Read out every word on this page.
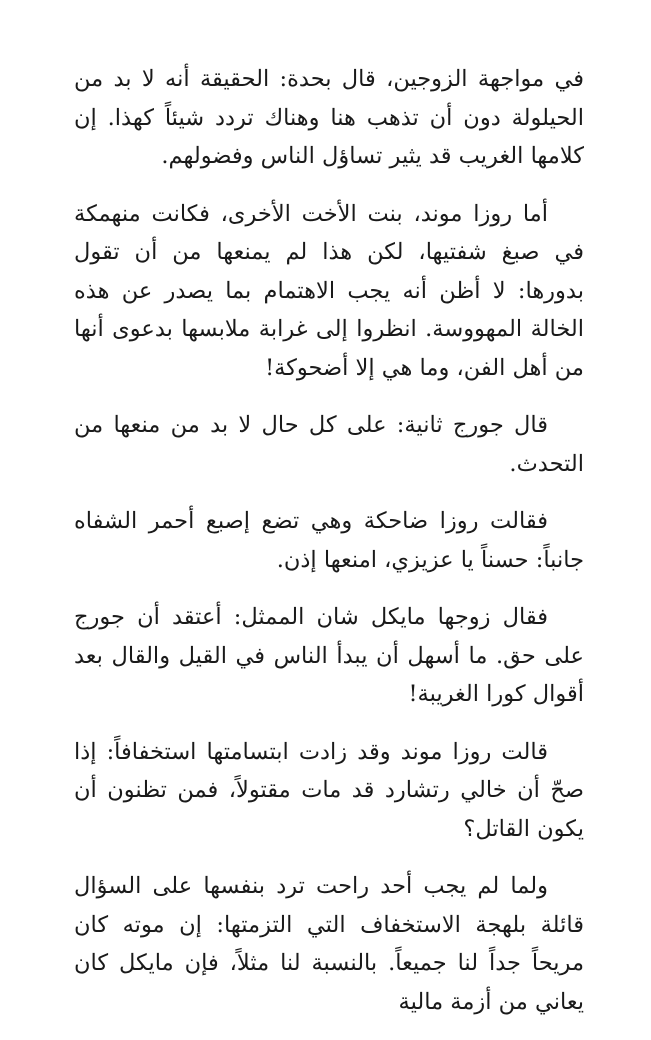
في مواجهة الزوجين، قال بحدة: الحقيقة أنه لا بد من الحيلولة دون أن تذهب هنا وهناك تردد شيئاً كهذا. إن كلامها الغريب قد يثير تساؤل الناس وفضولهم.

أما روزا موند، بنت الأخت الأخرى، فكانت منهمكة في صبغ شفتيها، لكن هذا لم يمنعها من أن تقول بدورها: لا أظن أنه يجب الاهتمام بما يصدر عن هذه الخالة المهووسة. انظروا إلى غرابة ملابسها بدعوى أنها من أهل الفن، وما هي إلا أضحوكة!

قال جورج ثانية: على كل حال لا بد من منعها من التحدث.

فقالت روزا ضاحكة وهي تضع إصبع أحمر الشفاه جانباً: حسناً يا عزيزي، امنعها إذن.

فقال زوجها مايكل شان الممثل: أعتقد أن جورج على حق. ما أسهل أن يبدأ الناس في القيل والقال بعد أقوال كورا الغريبة!

قالت روزا موند وقد زادت ابتسامتها استخفافاً: إذا صحّ أن خالي رتشارد قد مات مقتولاً، فمن تظنون أن يكون القاتل؟

ولما لم يجب أحد راحت ترد بنفسها على السؤال قائلة بلهجة الاستخفاف التي التزمتها: إن موته كان مريحاً جداً لنا جميعاً. بالنسبة لنا مثلاً، فإن مايكل كان يعاني من أزمة مالية
